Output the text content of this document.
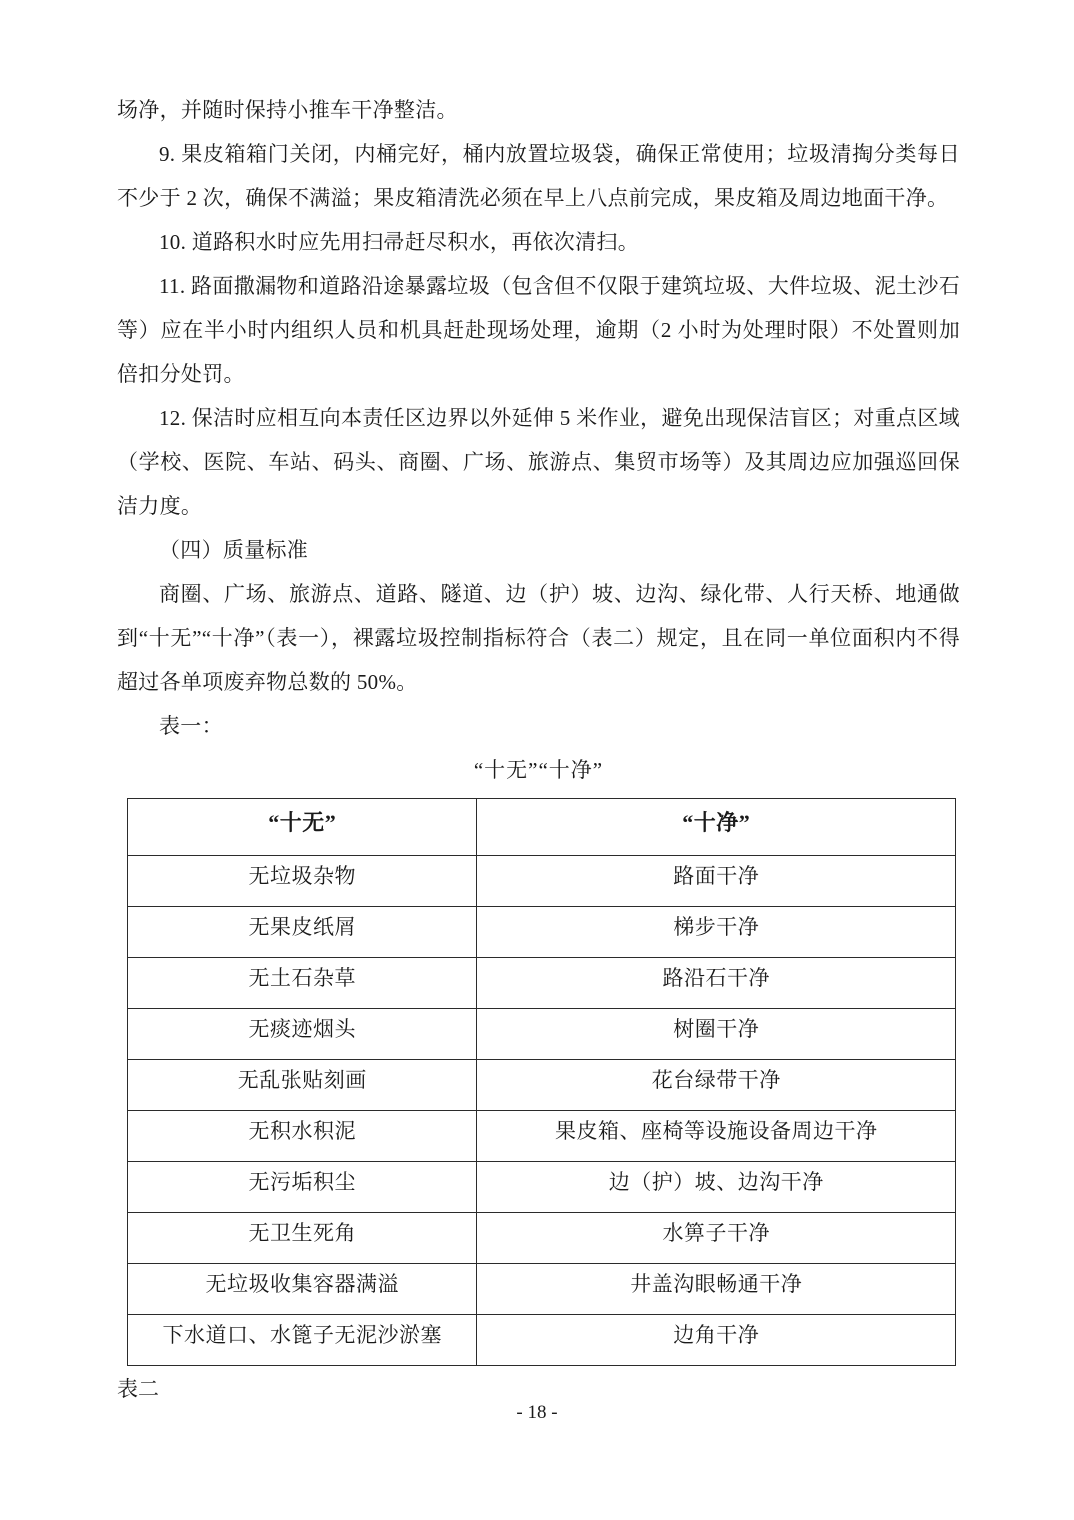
场净，并随时保持小推车干净整洁。

9. 果皮箱箱门关闭，内桶完好，桶内放置垃圾袋，确保正常使用；垃圾清掏分类每日不少于 2 次，确保不满溢；果皮箱清洗必须在早上八点前完成，果皮箱及周边地面干净。

10. 道路积水时应先用扫帚赶尽积水，再依次清扫。

11. 路面撒漏物和道路沿途暴露垃圾（包含但不仅限于建筑垃圾、大件垃圾、泥土沙石等）应在半小时内组织人员和机具赶赴现场处理，逾期（2 小时为处理时限）不处置则加倍扣分处罚。

12. 保洁时应相互向本责任区边界以外延伸 5 米作业，避免出现保洁盲区；对重点区域（学校、医院、车站、码头、商圈、广场、旅游点、集贸市场等）及其周边应加强巡回保洁力度。

（四）质量标准

商圈、广场、旅游点、道路、隧道、边（护）坡、边沟、绿化带、人行天桥、地通做到“十无”“十净”（表一），裸露垃圾控制指标符合（表二）规定，且在同一单位面积内不得超过各单项废弃物总数的 50%。

表一：

“十无”“十净”
“十无”	“十净”
无垃圾杂物	路面干净
无果皮纸屑	梯步干净
无土石杂草	路沿石干净
无痰迹烟头	树圈干净
无乱张贴刻画	花台绿带干净
无积水积泥	果皮箱、座椅等设施设备周边干净
无污垢积尘	边（护）坡、边沟干净
无卫生死角	水箅子干净
无垃圾收集容器满溢	井盖沟眼畅通干净
下水道口、水篦子无泥沙淤塞	边角干净
表二
- 18 -
